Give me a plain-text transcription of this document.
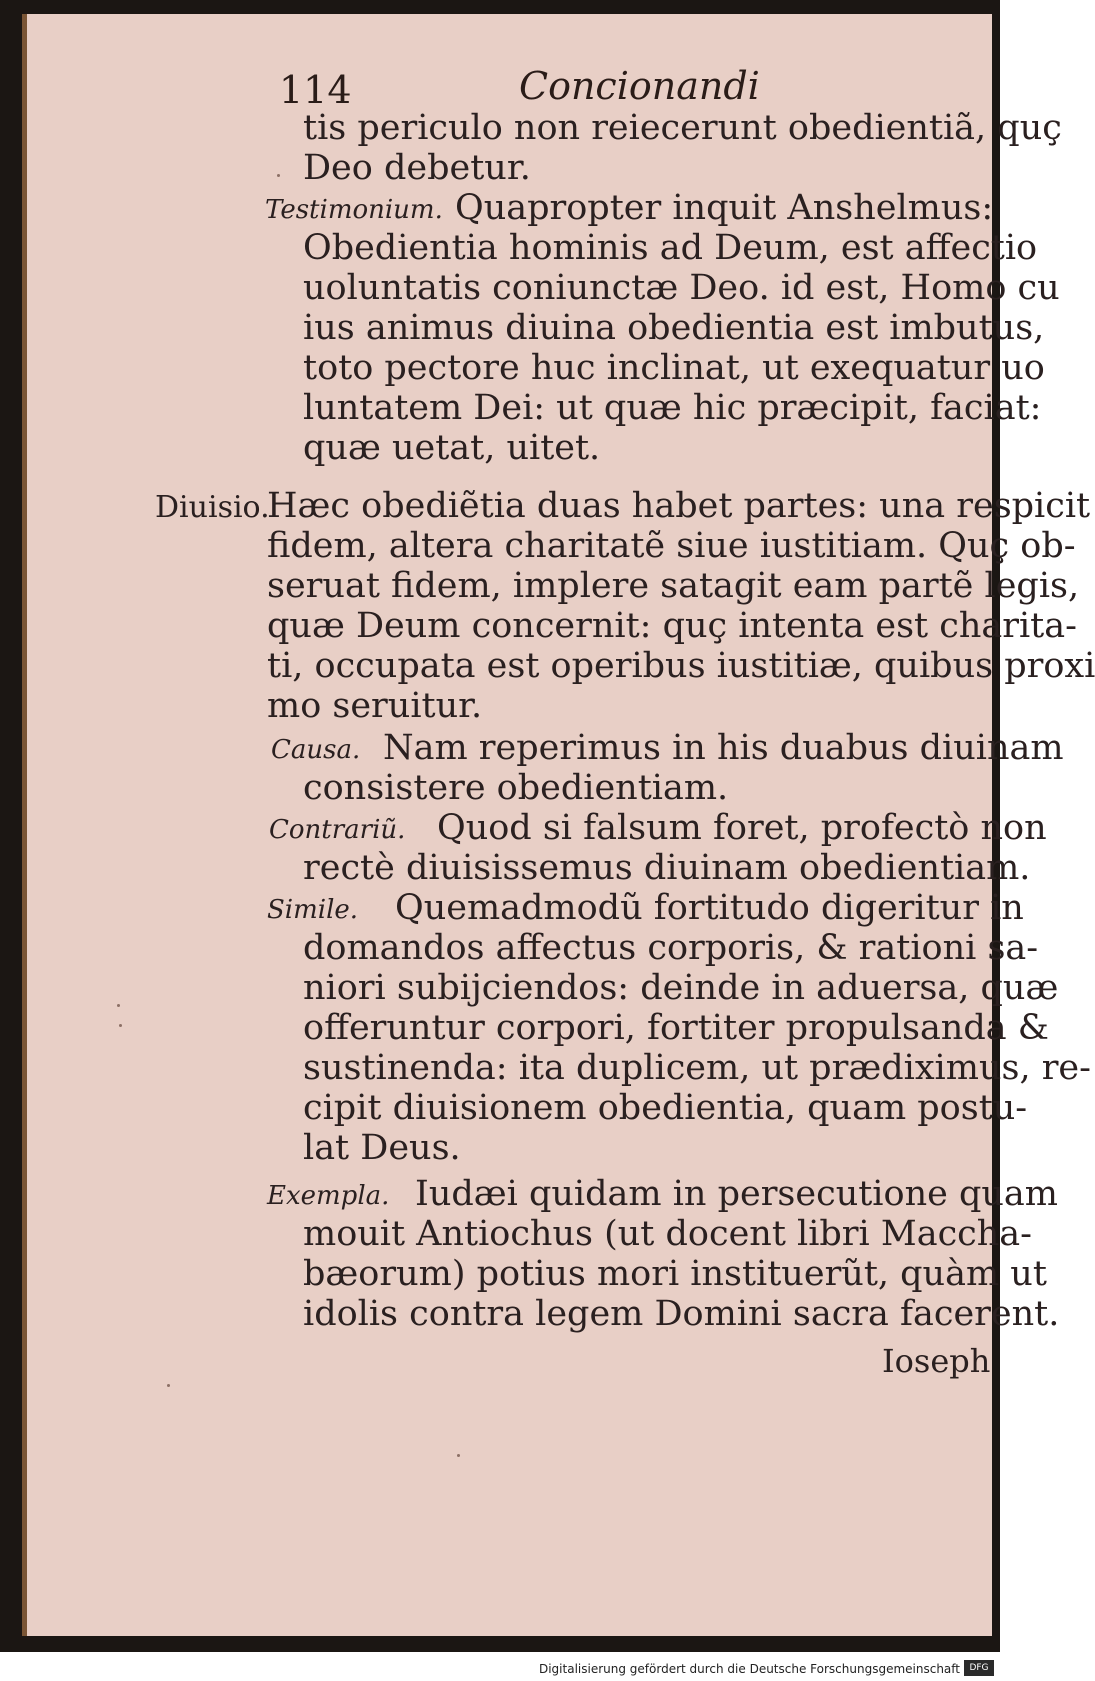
114	Concionandi
Testimonium.
Diuisio.
Causa.
Contrariũ.
Simile.
Exempla.
tis periculo non reiecerunt obedientiã, quç
Deo debetur.
Quapropter inquit Anshelmus:
Obedientia hominis ad Deum, est affectio
uoluntatis coniunctæ Deo. id est, Homo cu
ius animus diuina obedientia est imbutus,
toto pectore huc inclinat, ut exequatur uo
luntatem Dei: ut quæ hic præcipit, faciat:
quæ uetat, uitet.
Hæc obediẽtia duas habet partes: una respicit
fidem, altera charitatẽ siue iustitiam. Quç ob-
seruat fidem, implere satagit eam partẽ legis,
quæ Deum concernit: quç intenta est charita-
ti, occupata est operibus iustitiæ, quibus proxi
mo seruitur.
Nam reperimus in his duabus diuinam
consistere obedientiam.
Quod si falsum foret, profectò non
rectè diuisissemus diuinam obedientiam.
Quemadmodũ fortitudo digeritur in
domandos affectus corporis, & rationi sa-
niori subijciendos: deinde in aduersa, quæ
offeruntur corpori, fortiter propulsanda &
sustinenda: ita duplicem, ut prædiximus, re-
cipit diuisionem obedientia, quam postu-
lat Deus.
Iudæi quidam in persecutione quam
mouit Antiochus (ut docent libri Maccha-
bæorum) potius mori instituerũt, quàm ut
idolis contra legem Domini sacra facerent.
Ioseph
Digitalisierung gefördert durch die Deutsche Forschungsgemeinschaft	DFG
